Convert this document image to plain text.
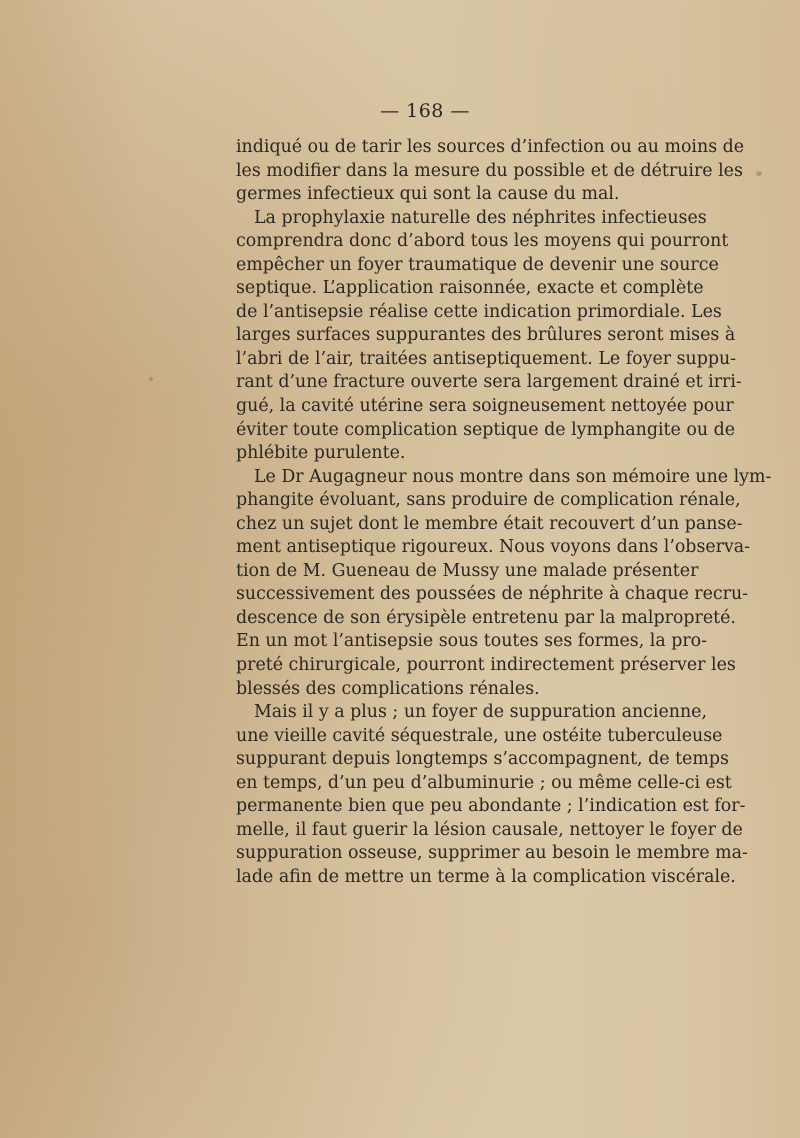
— 168 —
indiqué ou de tarir les sources d’infection ou au moins de
les modifier dans la mesure du possible et de détruire les
germes infectieux qui sont la cause du mal.
La prophylaxie naturelle des néphrites infectieuses
comprendra donc d’abord tous les moyens qui pourront
empêcher un foyer traumatique de devenir une source
septique. L’application raisonnée, exacte et complète
de l’antisepsie réalise cette indication primordiale. Les
larges surfaces suppurantes des brûlures seront mises à
l’abri de l’air, traitées antiseptiquement. Le foyer suppu-
rant d’une fracture ouverte sera largement drainé et irri-
gué, la cavité utérine sera soigneusement nettoyée pour
éviter toute complication septique de lymphangite ou de
phlébite purulente.
Le Dr Augagneur nous montre dans son mémoire une lym-
phangite évoluant, sans produire de complication rénale,
chez un sujet dont le membre était recouvert d’un panse-
ment antiseptique rigoureux. Nous voyons dans l’observa-
tion de M. Gueneau de Mussy une malade présenter
successivement des poussées de néphrite à chaque recru-
descence de son érysipèle entretenu par la malpropreté.
En un mot l’antisepsie sous toutes ses formes, la pro-
preté chirurgicale, pourront indirectement préserver les
blessés des complications rénales.
Mais il y a plus ; un foyer de suppuration ancienne,
une vieille cavité séquestrale, une ostéite tuberculeuse
suppurant depuis longtemps s’accompagnent, de temps
en temps, d’un peu d’albuminurie ; ou même celle-ci est
permanente bien que peu abondante ; l’indication est for-
melle, il faut guerir la lésion causale, nettoyer le foyer de
suppuration osseuse, supprimer au besoin le membre ma-
lade afin de mettre un terme à la complication viscérale.
